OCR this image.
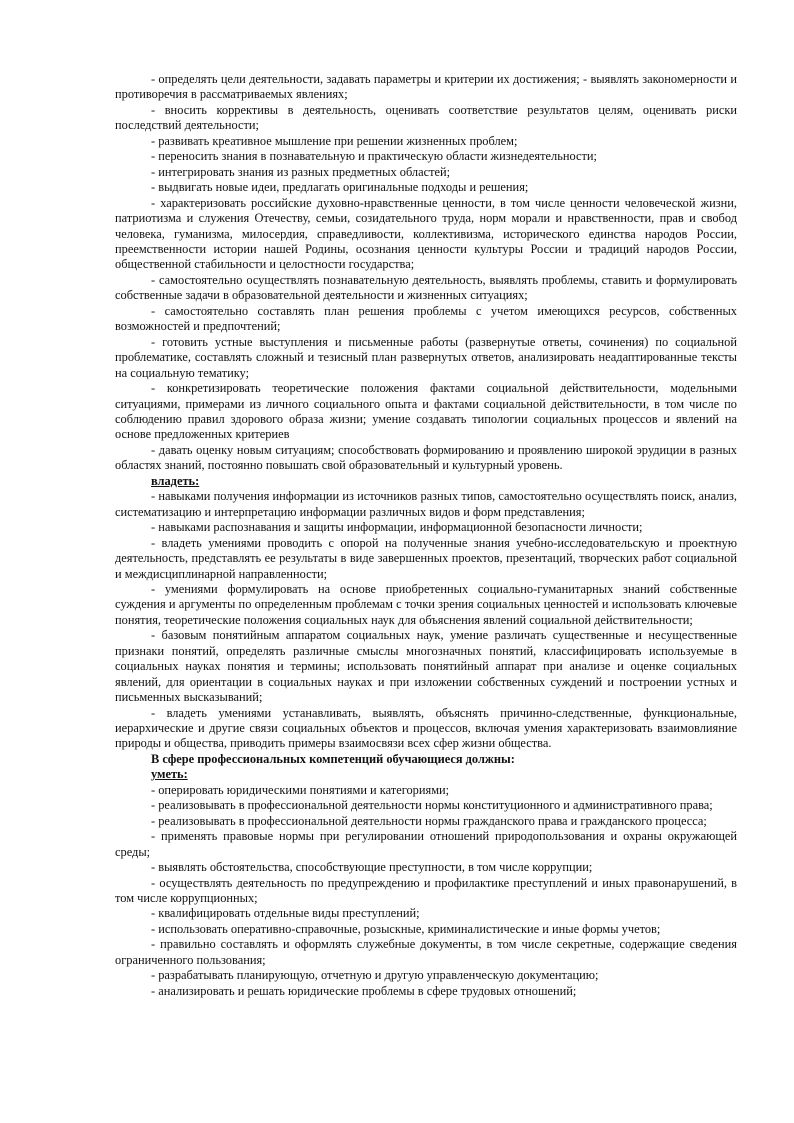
- определять цели деятельности, задавать параметры и критерии их достижения; - выявлять закономерности и противоречия в рассматриваемых явлениях;

- вносить коррективы в деятельность, оценивать соответствие результатов целям, оценивать риски последствий деятельности;

- развивать креативное мышление при решении жизненных проблем;

- переносить знания в познавательную и практическую области жизнедеятельности;

- интегрировать знания из разных предметных областей;

- выдвигать новые идеи, предлагать оригинальные подходы и решения;

- характеризовать российские духовно-нравственные ценности, в том числе ценности человеческой жизни, патриотизма и служения Отечеству, семьи, созидательного труда, норм морали и нравственности, прав и свобод человека, гуманизма, милосердия, справедливости, коллективизма, исторического единства народов России, преемственности истории нашей Родины, осознания ценности культуры России и традиций народов России, общественной стабильности и целостности государства;

- самостоятельно осуществлять познавательную деятельность, выявлять проблемы, ставить и формулировать собственные задачи в образовательной деятельности и жизненных ситуациях;

- самостоятельно составлять план решения проблемы с учетом имеющихся ресурсов, собственных возможностей и предпочтений;

- готовить устные выступления и письменные работы (развернутые ответы, сочинения) по социальной проблематике, составлять сложный и тезисный план развернутых ответов, анализировать неадаптированные тексты на социальную тематику;

- конкретизировать теоретические положения фактами социальной действительности, модельными ситуациями, примерами из личного социального опыта и фактами социальной действительности, в том числе по соблюдению правил здорового образа жизни; умение создавать типологии социальных процессов и явлений на основе предложенных критериев

- давать оценку новым ситуациям; способствовать формированию и проявлению широкой эрудиции в разных областях знаний, постоянно повышать свой образовательный и культурный уровень.

владеть:

- навыками получения информации из источников разных типов, самостоятельно осуществлять поиск, анализ, систематизацию и интерпретацию информации различных видов и форм представления;

- навыками распознавания и защиты информации, информационной безопасности личности;

- владеть умениями проводить с опорой на полученные знания учебно-исследовательскую и проектную деятельность, представлять ее результаты в виде завершенных проектов, презентаций, творческих работ социальной и междисциплинарной направленности;

- умениями формулировать на основе приобретенных социально-гуманитарных знаний собственные суждения и аргументы по определенным проблемам с точки зрения социальных ценностей и использовать ключевые понятия, теоретические положения социальных наук для объяснения явлений социальной действительности;

- базовым понятийным аппаратом социальных наук, умение различать существенные и несущественные признаки понятий, определять различные смыслы многозначных понятий, классифицировать используемые в социальных науках понятия и термины; использовать понятийный аппарат при анализе и оценке социальных явлений, для ориентации в социальных науках и при изложении собственных суждений и построении устных и письменных высказываний;

- владеть умениями устанавливать, выявлять, объяснять причинно-следственные, функциональные, иерархические и другие связи социальных объектов и процессов, включая умения характеризовать взаимовлияние природы и общества, приводить примеры взаимосвязи всех сфер жизни общества.

В сфере профессиональных компетенций обучающиеся должны:

уметь:

- оперировать юридическими понятиями и категориями;

- реализовывать в профессиональной деятельности нормы конституционного и административного права;

- реализовывать в профессиональной деятельности нормы гражданского права и гражданского процесса;

- применять правовые нормы при регулировании отношений природопользования и охраны окружающей среды;

- выявлять обстоятельства, способствующие преступности, в том числе коррупции;

- осуществлять деятельность по предупреждению и профилактике преступлений и иных правонарушений, в том числе коррупционных;

- квалифицировать отдельные виды преступлений;

- использовать оперативно-справочные, розыскные, криминалистические и иные формы учетов;

- правильно составлять и оформлять служебные документы, в том числе секретные, содержащие сведения ограниченного пользования;

- разрабатывать планирующую, отчетную и другую управленческую документацию;

- анализировать и решать юридические проблемы в сфере трудовых отношений;
